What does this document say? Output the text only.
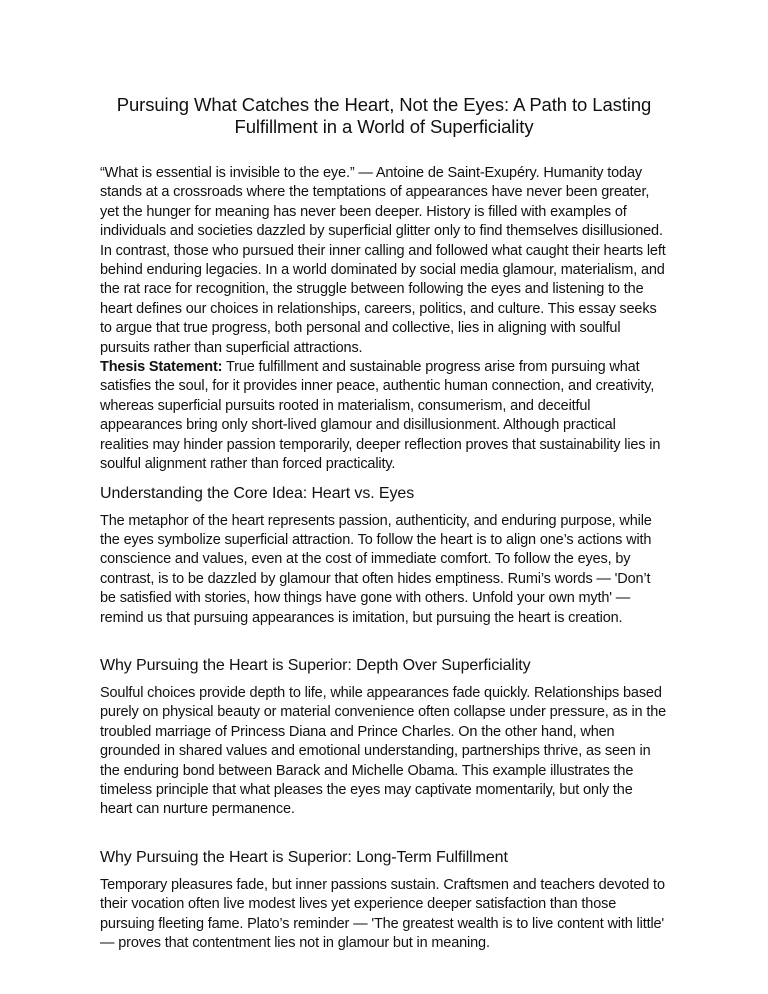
Pursuing What Catches the Heart, Not the Eyes: A Path to Lasting Fulfillment in a World of Superficiality

“What is essential is invisible to the eye.” — Antoine de Saint-Exupéry. Humanity today stands at a crossroads where the temptations of appearances have never been greater, yet the hunger for meaning has never been deeper. History is filled with examples of individuals and societies dazzled by superficial glitter only to find themselves disillusioned. In contrast, those who pursued their inner calling and followed what caught their hearts left behind enduring legacies. In a world dominated by social media glamour, materialism, and the rat race for recognition, the struggle between following the eyes and listening to the heart defines our choices in relationships, careers, politics, and culture. This essay seeks to argue that true progress, both personal and collective, lies in aligning with soulful pursuits rather than superficial attractions.

Thesis Statement: True fulfillment and sustainable progress arise from pursuing what satisfies the soul, for it provides inner peace, authentic human connection, and creativity, whereas superficial pursuits rooted in materialism, consumerism, and deceitful appearances bring only short-lived glamour and disillusionment. Although practical realities may hinder passion temporarily, deeper reflection proves that sustainability lies in soulful alignment rather than forced practicality.

Understanding the Core Idea: Heart vs. Eyes

The metaphor of the heart represents passion, authenticity, and enduring purpose, while the eyes symbolize superficial attraction. To follow the heart is to align one’s actions with conscience and values, even at the cost of immediate comfort. To follow the eyes, by contrast, is to be dazzled by glamour that often hides emptiness. Rumi’s words — 'Don’t be satisfied with stories, how things have gone with others. Unfold your own myth' — remind us that pursuing appearances is imitation, but pursuing the heart is creation.

Why Pursuing the Heart is Superior: Depth Over Superficiality

Soulful choices provide depth to life, while appearances fade quickly. Relationships based purely on physical beauty or material convenience often collapse under pressure, as in the troubled marriage of Princess Diana and Prince Charles. On the other hand, when grounded in shared values and emotional understanding, partnerships thrive, as seen in the enduring bond between Barack and Michelle Obama. This example illustrates the timeless principle that what pleases the eyes may captivate momentarily, but only the heart can nurture permanence.

Why Pursuing the Heart is Superior: Long-Term Fulfillment

Temporary pleasures fade, but inner passions sustain. Craftsmen and teachers devoted to their vocation often live modest lives yet experience deeper satisfaction than those pursuing fleeting fame. Plato’s reminder — 'The greatest wealth is to live content with little' — proves that contentment lies not in glamour but in meaning.
